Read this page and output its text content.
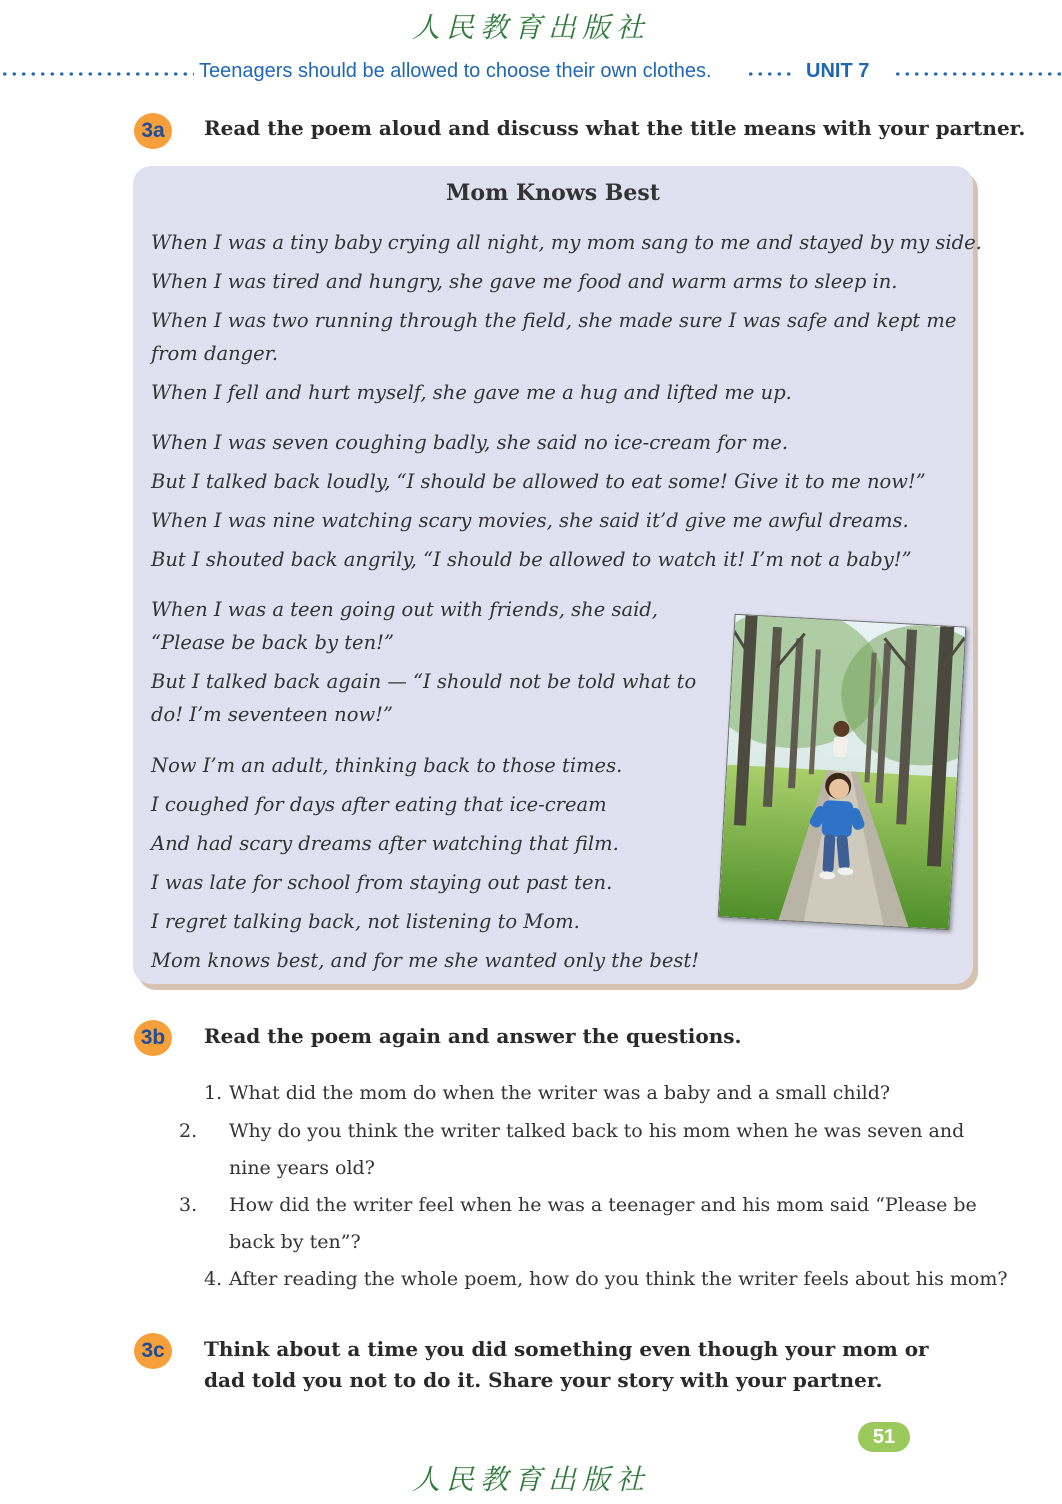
人民教育出版社
Teenagers should be allowed to choose their own clothes.	UNIT 7
3a	Read the poem aloud and discuss what the title means with your partner.
Mom Knows Best
When I was a tiny baby crying all night, my mom sang to me and stayed by my side.
When I was tired and hungry, she gave me food and warm arms to sleep in.
When I was two running through the field, she made sure I was safe and kept me from danger.
When I fell and hurt myself, she gave me a hug and lifted me up.
When I was seven coughing badly, she said no ice-cream for me.
But I talked back loudly, “I should be allowed to eat some! Give it to me now!”
When I was nine watching scary movies, she said it’d give me awful dreams.
But I shouted back angrily, “I should be allowed to watch it! I’m not a baby!”
When I was a teen going out with friends, she said, “Please be back by ten!”
But I talked back again — “I should not be told what to do! I’m seventeen now!”
Now I’m an adult, thinking back to those times.
I coughed for days after eating that ice-cream
And had scary dreams after watching that film.
I was late for school from staying out past ten.
I regret talking back, not listening to Mom.
Mom knows best, and for me she wanted only the best!
3b	Read the poem again and answer the questions.
1. What did the mom do when the writer was a baby and a small child?
2. Why do you think the writer talked back to his mom when he was seven and nine years old?
3. How did the writer feel when he was a teenager and his mom said “Please be back by ten”?
4. After reading the whole poem, how do you think the writer feels about his mom?
3c	Think about a time you did something even though your mom or dad told you not to do it. Share your story with your partner.
51
人民教育出版社
